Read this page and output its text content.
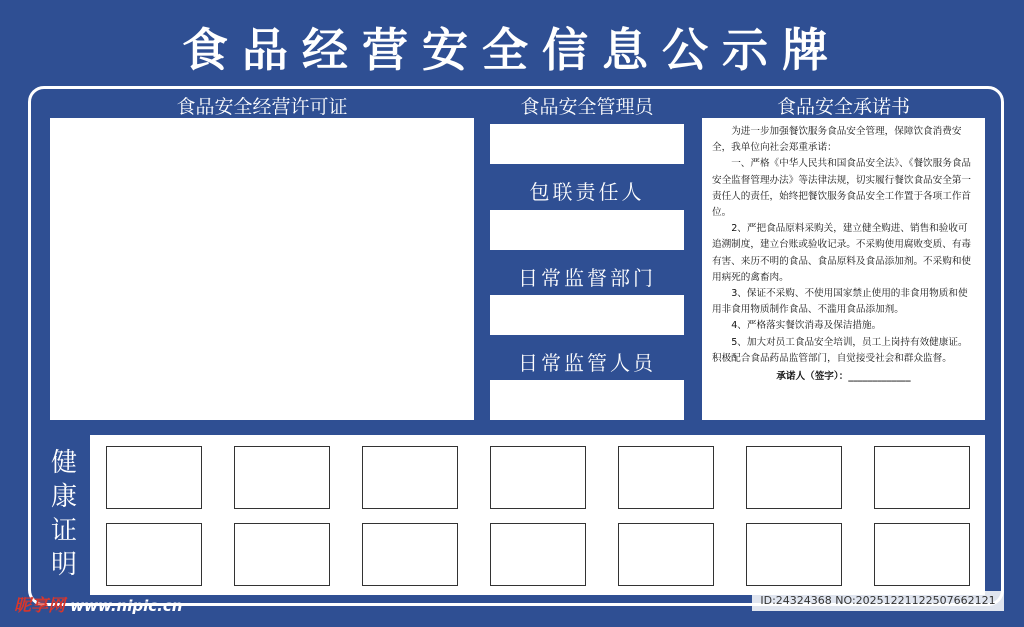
食品经营安全信息公示牌
食品安全经营许可证	食品安全管理员	食品安全承诺书
包联责任人
日常监督部门
日常监管人员

为进一步加强餐饮服务食品安全管理，保障饮食消费安全，我单位向社会郑重承诺：

一、严格《中华人民共和国食品安全法》、《餐饮服务食品安全监督管理办法》等法律法规，切实履行餐饮食品安全第一责任人的责任，始终把餐饮服务食品安全工作置于各项工作首位。

2、严把食品原料采购关，建立健全购进、销售和验收可追溯制度，建立台账或验收记录。不采购使用腐败变质、有毒有害、来历不明的食品、食品原料及食品添加剂。不采购和使用病死的禽畜肉。

3、保证不采购、不使用国家禁止使用的非食用物质和使用非食用物质制作食品、不滥用食品添加剂。

4、严格落实餐饮消毒及保洁措施。

5、加大对员工食品安全培训，员工上岗持有效健康证。积极配合食品药品监管部门，自觉接受社会和群众监督。

承诺人（签字）：_____________

健
康
证
明
昵享网 www.nipic.cn	ID:24324368 NO:20251221122507662121
